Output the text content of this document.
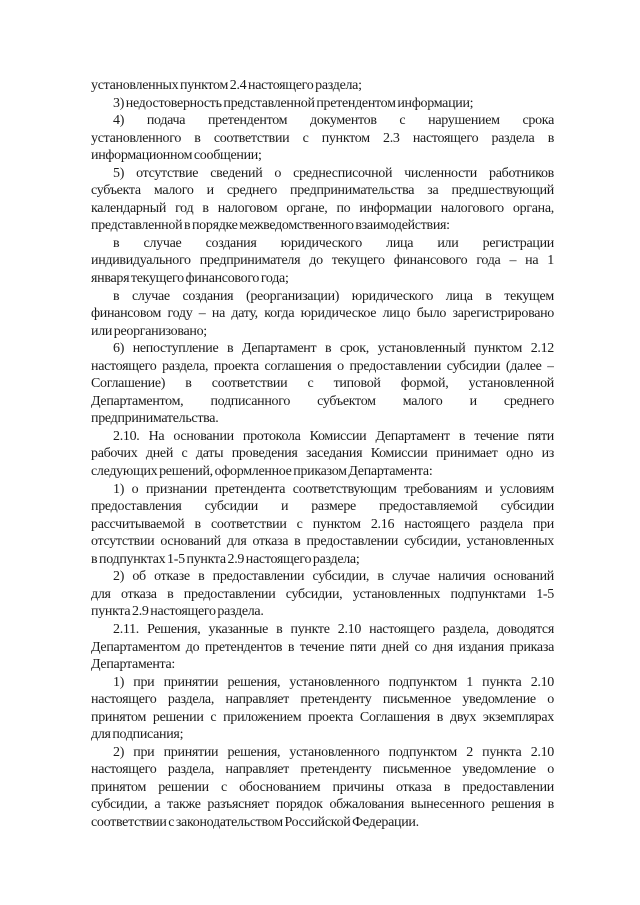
установленных пунктом 2.4 настоящего раздела;
3) недостоверность представленной претендентом информации;
4) подача претендентом документов с нарушением срока
установленного в соответствии с пунктом 2.3 настоящего раздела в
информационном сообщении;
5) отсутствие сведений о среднесписочной численности работников
субъекта малого и среднего предпринимательства за предшествующий
календарный год в налоговом органе, по информации налогового органа,
представленной в порядке межведомственного взаимодействия:
в случае создания юридического лица или регистрации
индивидуального предпринимателя до текущего финансового года – на 1
января текущего финансового года;
в случае создания (реорганизации) юридического лица в текущем
финансовом году – на дату, когда юридическое лицо было зарегистрировано
или реорганизовано;
6) непоступление в Департамент в срок, установленный пунктом 2.12
настоящего раздела, проекта соглашения о предоставлении субсидии (далее –
Соглашение) в соответствии с типовой формой, установленной
Департаментом, подписанного субъектом малого и среднего
предпринимательства.
2.10. На основании протокола Комиссии Департамент в течение пяти
рабочих дней с даты проведения заседания Комиссии принимает одно из
следующих решений, оформленное приказом Департамента:
1) о признании претендента соответствующим требованиям и условиям
предоставления субсидии и размере предоставляемой субсидии
рассчитываемой в соответствии с пунктом 2.16 настоящего раздела при
отсутствии оснований для отказа в предоставлении субсидии, установленных
в подпунктах 1-5 пункта 2.9 настоящего раздела;
2) об отказе в предоставлении субсидии, в случае наличия оснований
для отказа в предоставлении субсидии, установленных подпунктами 1-5
пункта 2.9 настоящего раздела.
2.11. Решения, указанные в пункте 2.10 настоящего раздела, доводятся
Департаментом до претендентов в течение пяти дней со дня издания приказа
Департамента:
1) при принятии решения, установленного подпунктом 1 пункта 2.10
настоящего раздела, направляет претенденту письменное уведомление о
принятом решении с приложением проекта Соглашения в двух экземплярах
для подписания;
2) при принятии решения, установленного подпунктом 2 пункта 2.10
настоящего раздела, направляет претенденту письменное уведомление о
принятом решении с обоснованием причины отказа в предоставлении
субсидии, а также разъясняет порядок обжалования вынесенного решения в
соответствии с законодательством Российской Федерации.
